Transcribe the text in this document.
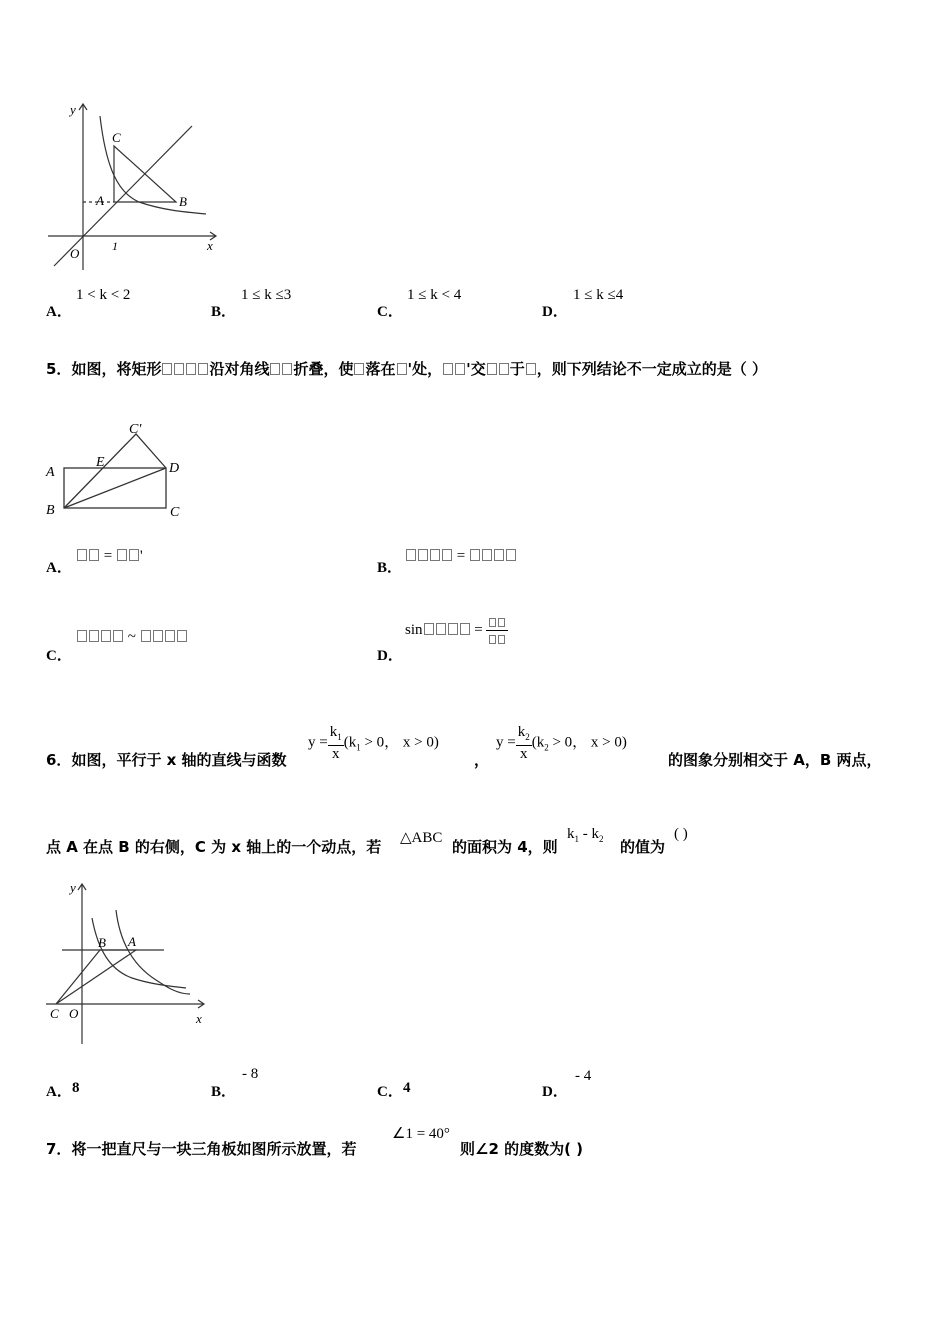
y
x
O	1
A	B
C
A．
1 < k < 2
B．
1 ≤ k ≤3
C．
1 ≤ k < 4
D．
1 ≤ k ≤4
5．如图，将矩形	沿对角线 折叠，使 落在 '处， '交 于 ，则下列结论不一定成立的是（ ）
A
B	C
D
E
C'
A．
= '
B．
=
C．
~
D．
sin	=
6．如图，平行于 x 轴的直线与函数
$y = \frac{k_1}{x} (k_1 > 0$， x > 0)
，
$y = \frac{k_2}{x} (k_2 > 0$， x > 0)
的图象分别相交于 A，B 两点，
点 A 在点 B 的右侧，C 为 x 轴上的一个动点，若 △ABC 的面积为 4，则
$k_1 - k_2$ 的值为
( )
y
x
O
C
A
B
A． 8	B．
- 8
C． 4	D．
- 4
7．将一把直尺与一块三角板如图所示放置，若
∠1 = 40°
则∠2 的度数为( )
